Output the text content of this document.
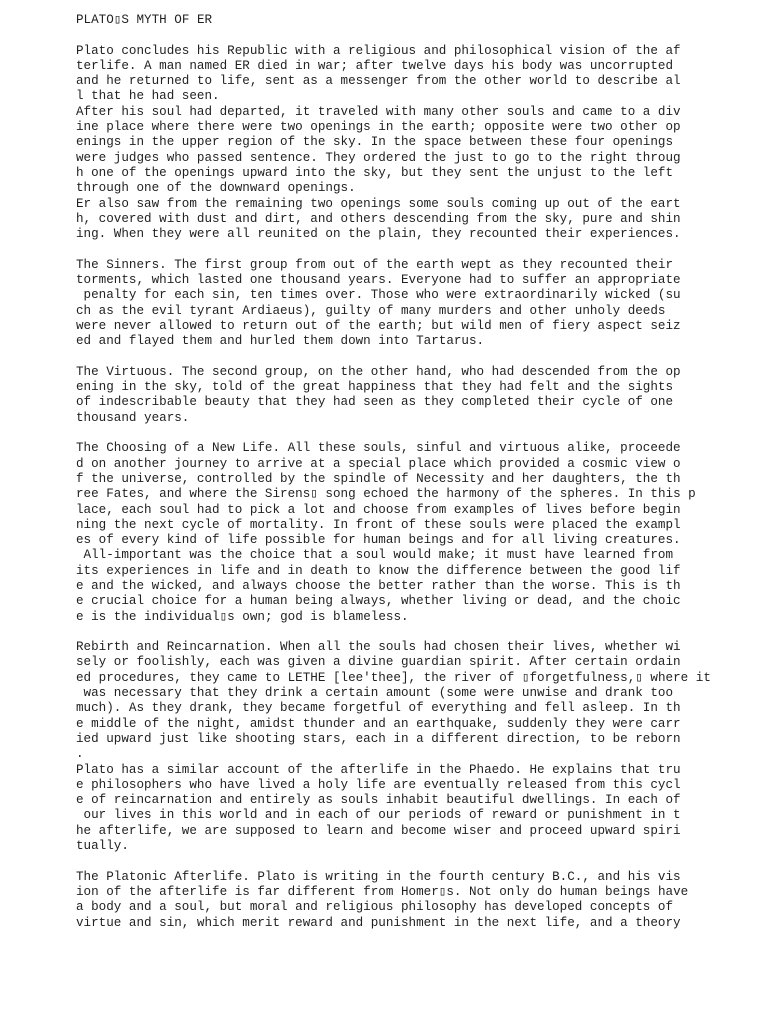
PLATO▯S MYTH OF ER
Plato concludes his Republic with a religious and philosophical vision of the af
terlife. A man named ER died in war; after twelve days his body was uncorrupted
and he returned to life, sent as a messenger from the other world to describe al
l that he had seen.
After his soul had departed, it traveled with many other souls and came to a div
ine place where there were two openings in the earth; opposite were two other op
enings in the upper region of the sky. In the space between these four openings
were judges who passed sentence. They ordered the just to go to the right throug
h one of the openings upward into the sky, but they sent the unjust to the left
through one of the downward openings.
Er also saw from the remaining two openings some souls coming up out of the eart
h, covered with dust and dirt, and others descending from the sky, pure and shin
ing. When they were all reunited on the plain, they recounted their experiences.
The Sinners. The first group from out of the earth wept as they recounted their
torments, which lasted one thousand years. Everyone had to suffer an appropriate
penalty for each sin, ten times over. Those who were extraordinarily wicked (su
ch as the evil tyrant Ardiaeus), guilty of many murders and other unholy deeds
were never allowed to return out of the earth; but wild men of fiery aspect seiz
ed and flayed them and hurled them down into Tartarus.
The Virtuous. The second group, on the other hand, who had descended from the op
ening in the sky, told of the great happiness that they had felt and the sights
of indescribable beauty that they had seen as they completed their cycle of one
thousand years.
The Choosing of a New Life. All these souls, sinful and virtuous alike, proceede
d on another journey to arrive at a special place which provided a cosmic view o
f the universe, controlled by the spindle of Necessity and her daughters, the th
ree Fates, and where the Sirens▯ song echoed the harmony of the spheres. In this p
lace, each soul had to pick a lot and choose from examples of lives before begin
ning the next cycle of mortality. In front of these souls were placed the exampl
es of every kind of life possible for human beings and for all living creatures.
All-important was the choice that a soul would make; it must have learned from
its experiences in life and in death to know the difference between the good lif
e and the wicked, and always choose the better rather than the worse. This is th
e crucial choice for a human being always, whether living or dead, and the choic
e is the individual▯s own; god is blameless.
Rebirth and Reincarnation. When all the souls had chosen their lives, whether wi
sely or foolishly, each was given a divine guardian spirit. After certain ordain
ed procedures, they came to LETHE [lee'thee], the river of ▯forgetfulness,▯ where it
was necessary that they drink a certain amount (some were unwise and drank too
much). As they drank, they became forgetful of everything and fell asleep. In th
e middle of the night, amidst thunder and an earthquake, suddenly they were carr
ied upward just like shooting stars, each in a different direction, to be reborn
.
Plato has a similar account of the afterlife in the Phaedo. He explains that tru
e philosophers who have lived a holy life are eventually released from this cycl
e of reincarnation and entirely as souls inhabit beautiful dwellings. In each of
our lives in this world and in each of our periods of reward or punishment in t
he afterlife, we are supposed to learn and become wiser and proceed upward spiri
tually.
The Platonic Afterlife. Plato is writing in the fourth century B.C., and his vis
ion of the afterlife is far different from Homer▯s. Not only do human beings have
a body and a soul, but moral and religious philosophy has developed concepts of
virtue and sin, which merit reward and punishment in the next life, and a theory
